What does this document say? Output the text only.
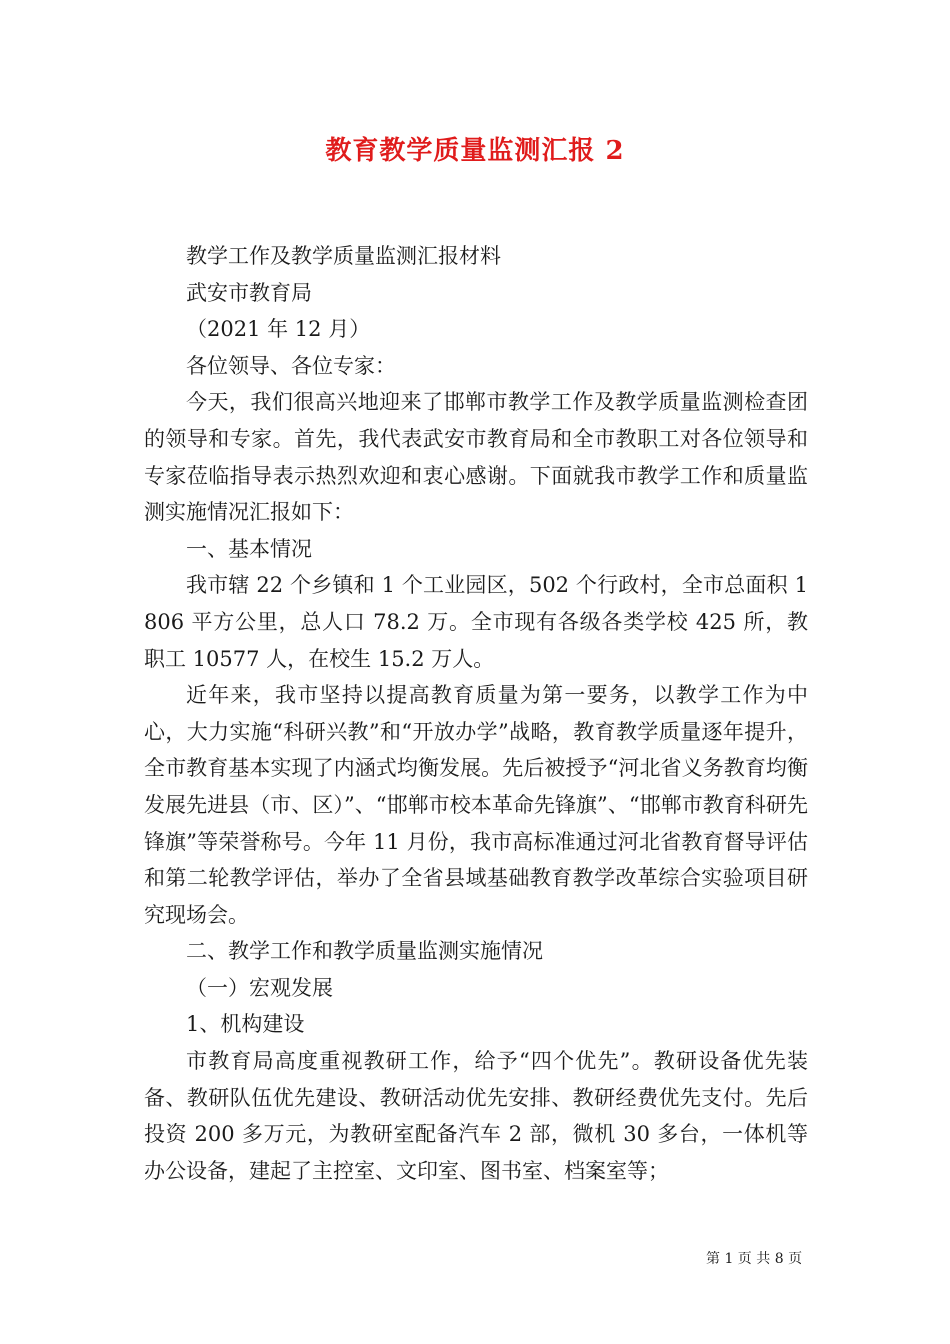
教育教学质量监测汇报 2

教学工作及教学质量监测汇报材料

武安市教育局

（2021 年 12 月）

各位领导、各位专家：

今天，我们很高兴地迎来了邯郸市教学工作及教学质量监测检查团的领导和专家。首先，我代表武安市教育局和全市教职工对各位领导和专家莅临指导表示热烈欢迎和衷心感谢。下面就我市教学工作和质量监测实施情况汇报如下：

一、基本情况

我市辖 22 个乡镇和 1 个工业园区，502 个行政村，全市总面积 1806 平方公里，总人口 78.2 万。全市现有各级各类学校 425 所，教职工 10577 人，在校生 15.2 万人。

近年来，我市坚持以提高教育质量为第一要务，以教学工作为中心，大力实施“科研兴教”和“开放办学”战略，教育教学质量逐年提升，全市教育基本实现了内涵式均衡发展。先后被授予“河北省义务教育均衡发展先进县（市、区）”、“邯郸市校本革命先锋旗”、“邯郸市教育科研先锋旗”等荣誉称号。今年 11 月份，我市高标准通过河北省教育督导评估和第二轮教学评估，举办了全省县域基础教育教学改革综合实验项目研究现场会。

二、教学工作和教学质量监测实施情况

（一）宏观发展

1、机构建设

市教育局高度重视教研工作，给予“四个优先”。教研设备优先装备、教研队伍优先建设、教研活动优先安排、教研经费优先支付。先后投资 200 多万元，为教研室配备汽车 2 部，微机 30 多台，一体机等办公设备，建起了主控室、文印室、图书室、档案室等；

第 1 页 共 8 页
